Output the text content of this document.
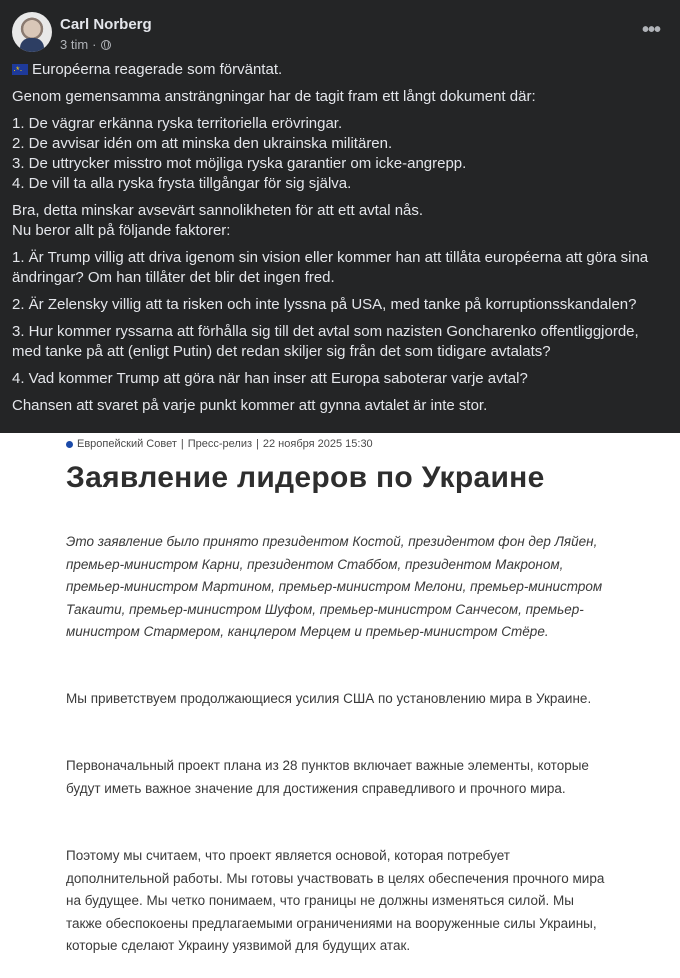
Carl Norberg
3 tim ·
•••

·*·Européerna reagerade som förväntat.

Genom gemensamma ansträngningar har de tagit fram ett långt dokument där:

1. De vägrar erkänna ryska territoriella erövringar.
2. De avvisar idén om att minska den ukrainska militären.
3. De uttrycker misstro mot möjliga ryska garantier om icke-angrepp.
4. De vill ta alla ryska frysta tillgångar för sig själva.

Bra, detta minskar avsevärt sannolikheten för att ett avtal nås.
Nu beror allt på följande faktorer:

1. Är Trump villig att driva igenom sin vision eller kommer han att tillåta européerna att göra sina ändringar? Om han tillåter det blir det ingen fred.

2. Är Zelensky villig att ta risken och inte lyssna på USA, med tanke på korruptionsskandalen?

3. Hur kommer ryssarna att förhålla sig till det avtal som nazisten Goncharenko offentliggjorde, med tanke på att (enligt Putin) det redan skiljer sig från det som tidigare avtalats?

4. Vad kommer Trump att göra när han inser att Europa saboterar varje avtal?

Chansen att svaret på varje punkt kommer att gynna avtalet är inte stor.

Европейский Совет | Пресс-релиз | 22 ноября 2025 15:30
Заявление лидеров по Украине
Это заявление было принято президентом Костой, президентом фон дер Ляйен, премьер-министром Карни, президентом Стаббом, президентом Макроном, премьер-министром Мартином, премьер-министром Мелони, премьер-министром Такаити, премьер-министром Шуфом, премьер-министром Санчесом, премьер-министром Стармером, канцлером Мерцем и премьер-министром Стёре.
Мы приветствуем продолжающиеся усилия США по установлению мира в Украине.
Первоначальный проект плана из 28 пунктов включает важные элементы, которые будут иметь важное значение для достижения справедливого и прочного мира.
Поэтому мы считаем, что проект является основой, которая потребует дополнительной работы. Мы готовы участвовать в целях обеспечения прочного мира на будущее. Мы четко понимаем, что границы не должны изменяться силой. Мы также обеспокоены предлагаемыми ограничениями на вооруженные силы Украины, которые сделают Украину уязвимой для будущих атак.
